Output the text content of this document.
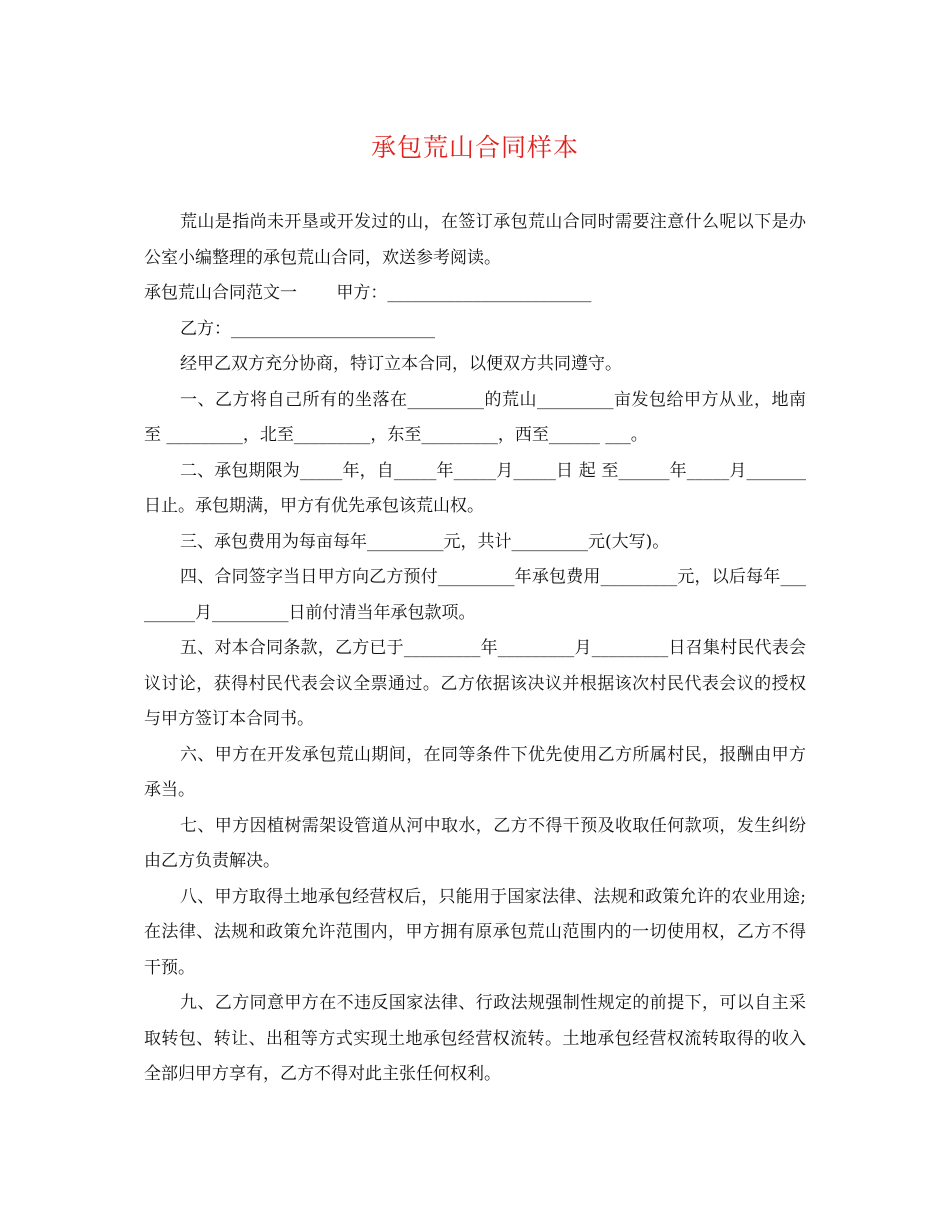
承包荒山合同样本

荒山是指尚未开垦或开发过的山，在签订承包荒山合同时需要注意什么呢以下是办公室小编整理的承包荒山合同，欢送参考阅读。

承包荒山合同范文一　　 甲方：________________________

乙方：________________________

经甲乙双方充分协商，特订立本合同，以便双方共同遵守。

一、乙方将自己所有的坐落在_________的荒山_________亩发包给甲方从业，地南至 _________，北至_________，东至_________，西至______ ___。

二、承包期限为_____年，自_____年_____月_____日 起 至______年_____月_______日止。承包期满，甲方有优先承包该荒山权。

三、承包费用为每亩每年_________元，共计_________元(大写)。

四、合同签字当日甲方向乙方预付_________年承包费用_________元，以后每年_________月_________日前付清当年承包款项。

五、对本合同条款，乙方已于_________年_________月_________日召集村民代表会议讨论，获得村民代表会议全票通过。乙方依据该决议并根据该次村民代表会议的授权与甲方签订本合同书。

六、甲方在开发承包荒山期间，在同等条件下优先使用乙方所属村民，报酬由甲方承当。

七、甲方因植树需架设管道从河中取水，乙方不得干预及收取任何款项，发生纠纷由乙方负责解决。

八、甲方取得土地承包经营权后，只能用于国家法律、法规和政策允许的农业用途;在法律、法规和政策允许范围内，甲方拥有原承包荒山范围内的一切使用权，乙方不得干预。

九、乙方同意甲方在不违反国家法律、行政法规强制性规定的前提下，可以自主采取转包、转让、出租等方式实现土地承包经营权流转。土地承包经营权流转取得的收入全部归甲方享有，乙方不得对此主张任何权利。
